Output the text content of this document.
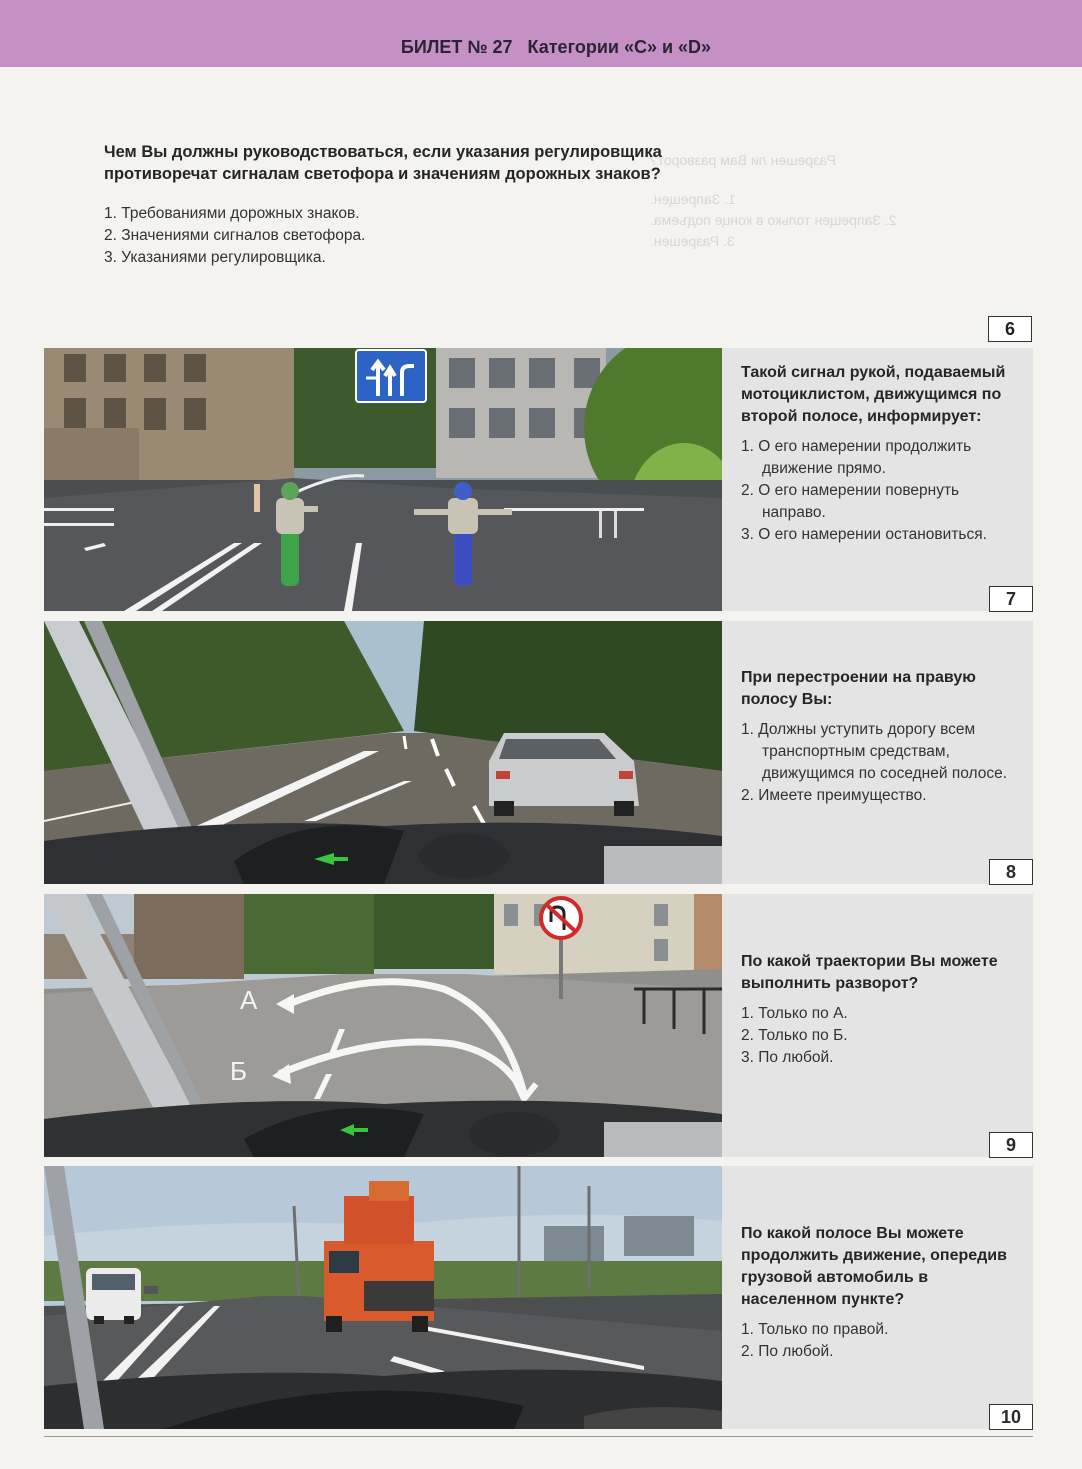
БИЛЕТ № 27   Категории «С» и «D»
Разрешен ли Вам разворот?
1. Запрещен.
2. Запрещен только в конце подъема.
3. Разрешен.
Чем Вы должны руководствоваться, если указания регулировщика противоречат сигналам светофора и значениям дорожных знаков?
1. Требованиями дорожных знаков.
2. Значениями сигналов светофора.
3. Указаниями регулировщика.
6
Такой сигнал рукой, подаваемый мотоциклистом, движущимся по второй полосе, информирует:
1. О его намерении продолжить движение прямо.
2. О его намерении повернуть направо.
3. О его намерении остановиться.
7
При перестроении на правую полосу Вы:
1. Должны уступить дорогу всем транспортным средствам, движущимся по соседней полосе.
2. Имеете преимущество.
8
А
Б
По какой траектории Вы можете выполнить разворот?
1. Только по А.
2. Только по Б.
3. По любой.
9
По какой полосе Вы можете продолжить движение, опередив грузовой автомобиль в населенном пункте?
1. Только по правой.
2. По любой.
10
